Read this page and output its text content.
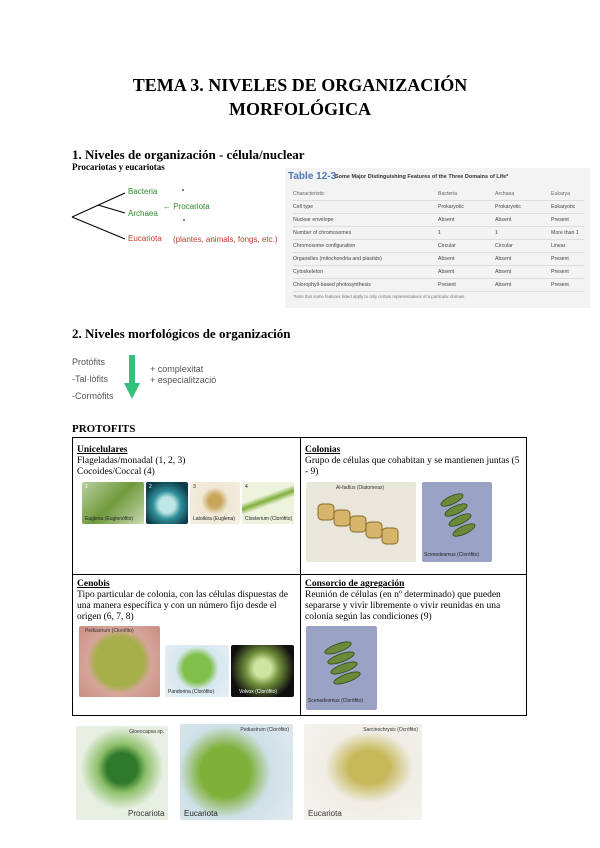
TEMA 3. NIVELES DE ORGANIZACIÓN
MORFOLÓGICA
1. Niveles de organización - célula/nuclear
Procariotas y eucariotas
Bacteria
Archaea
Eucariota
← Procariota
(plantes, animals, fongs, etc.)
Table 12-3
Some Major Distinguishing Features of the Three Domains of Life*
Characteristic	Bacteria	Archaea	Eukarya
Cell type	Prokaryotic	Prokaryotic	Eukaryotic
Nuclear envelope	Absent	Absent	Present
Number of chromosomes	1	1	More than 1
Chromosome configuration	Circular	Circular	Linear
Organelles (mitochondria and plastids)	Absent	Absent	Present
Cytoskeleton	Absent	Absent	Present
Chlorophyll-based photosynthesis	Present	Absent	Present
*Note that some features listed apply to only certain representatives of a particular domain.
2. Niveles morfológicos de organización
Protófits
-Tal·lòfits
-Cormòfits
+ complexitat
+ especialització
PROTOFITS
Unicelulares
Flageladas/monadal (1, 2, 3)
Cocoides/Coccal (4)
1
Euglena (Euglenófito)
2	3
Latoikira (Euglena)
4
Closterium (Clorófito)
Colonias
Grupo de células que cohabitan y se mantienen juntas (5 - 9)
Al-fadlus (Diatomeas)
Scenedesmus (Clorófito)
Cenobis
Tipo particular de colonia, con las células dispuestas de una manera específica y con un número fijo desde el origen (6, 7, 8)
Pediastrum (Clorófito)
Pandorina (Clorófito)	Volvox (Clorófito)
Consorcio de agregación
Reunión de células (en nº determinado) que pueden separarse y vivir libremente o vivir reunidas en una colonia según las condiciones (9)
Scenedesmus (Clorófito)
Gloeocapsa sp.
Procariota
Pediastrum (Clorófito)
Eucariota
Sarcinochrysis (Ocrófito)
Eucariota
